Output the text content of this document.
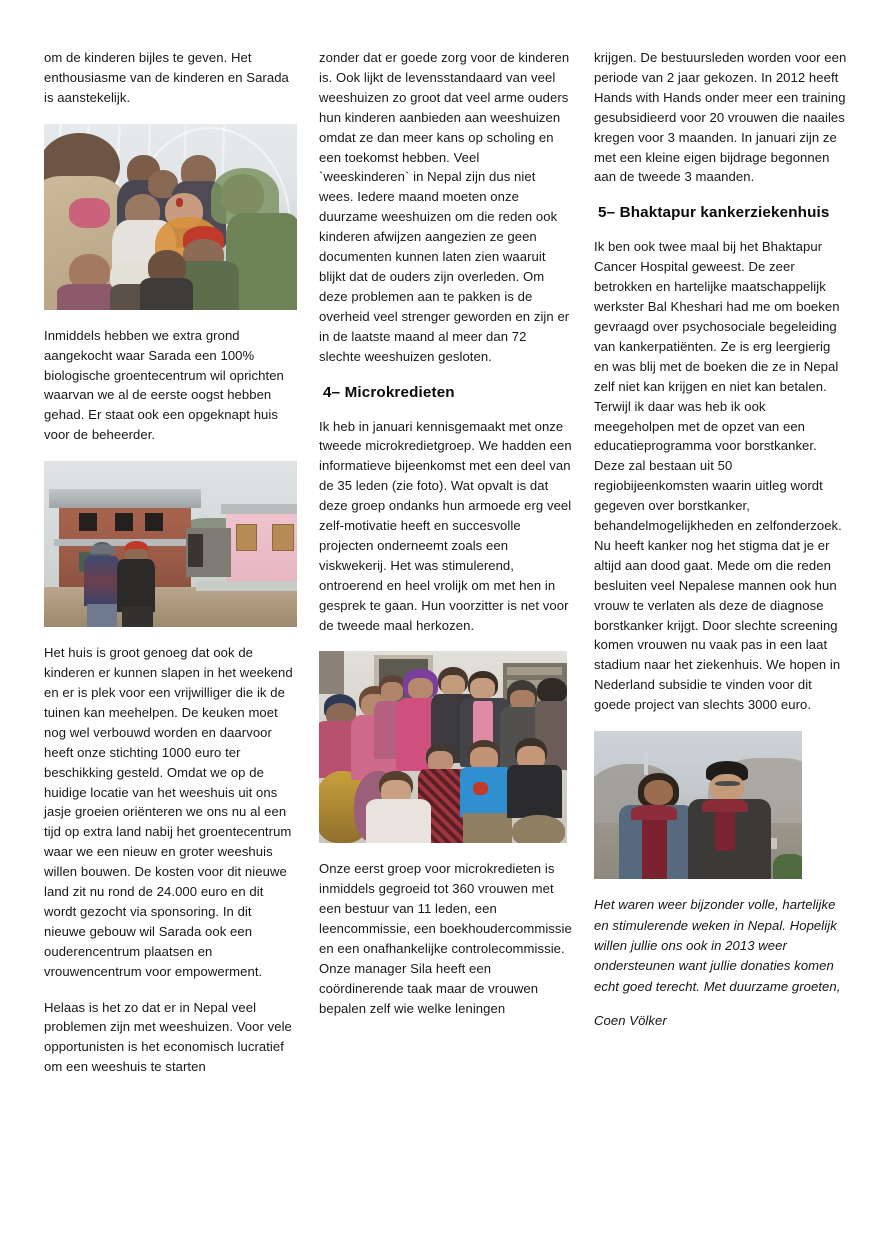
om de kinderen bijles te geven. Het enthousiasme van de kinderen en Sarada is aanstekelijk.

Inmiddels hebben we extra grond aangekocht waar Sarada een 100% biologische groentecentrum wil oprichten waarvan we al de eerste oogst hebben gehad. Er staat ook een opgeknapt huis voor de beheerder.

Het huis is groot genoeg dat ook de kinderen er kunnen slapen in het weekend en er is plek voor een vrijwilliger die ik de tuinen kan meehelpen. De keuken moet nog wel verbouwd worden en daarvoor heeft onze stichting 1000 euro ter beschikking gesteld. Omdat we op de huidige locatie van het weeshuis uit ons jasje groeien oriënteren we ons nu al een tijd op extra land nabij het groentecentrum waar we een nieuw en groter weeshuis willen bouwen. De kosten voor dit nieuwe land zit nu rond de 24.000 euro en dit wordt gezocht via sponsoring. In dit nieuwe gebouw wil Sarada ook een ouderencentrum plaatsen en vrouwencentrum voor empowerment.

Helaas is het zo dat er in Nepal veel problemen zijn met weeshuizen. Voor vele opportunisten is het economisch lucratief om een weeshuis te starten

zonder dat er goede zorg voor de kinderen is. Ook lijkt de levensstandaard van veel weeshuizen zo groot dat veel arme ouders hun kinderen aanbieden aan weeshuizen omdat ze dan meer kans op scholing en een toekomst hebben. Veel `weeskinderen` in Nepal zijn dus niet wees. Iedere maand moeten onze duurzame weeshuizen om die reden ook kinderen afwijzen aangezien ze geen documenten kunnen laten zien waaruit blijkt dat de ouders zijn overleden. Om deze problemen aan te pakken is de overheid veel strenger geworden en zijn er in de laatste maand al meer dan 72 slechte weeshuizen gesloten.

4– Microkredieten

Ik heb in januari kennisgemaakt met onze tweede microkredietgroep. We hadden een informatieve bijeenkomst met een deel van de 35 leden (zie foto). Wat opvalt is dat deze groep ondanks hun armoede erg veel zelf-motivatie heeft en succesvolle projecten onderneemt zoals een viskwekerij. Het was stimulerend, ontroerend en heel vrolijk om met hen in gesprek te gaan. Hun voorzitter is net voor de tweede maal herkozen.

Onze eerst groep voor microkredieten is inmiddels gegroeid tot 360 vrouwen met een bestuur van 11 leden, een leencommissie, een boekhoudercommissie en een onafhankelijke controlecommissie. Onze manager Sila heeft een coördinerende taak maar de vrouwen bepalen zelf wie welke leningen

krijgen. De bestuursleden worden voor een periode van 2 jaar gekozen. In 2012 heeft Hands with Hands onder meer een training gesubsidieerd voor 20 vrouwen die naailes kregen voor 3 maanden. In januari zijn ze met een kleine eigen bijdrage begonnen aan de tweede 3 maanden.

5– Bhaktapur kankerziekenhuis

Ik ben ook twee maal bij het Bhaktapur Cancer Hospital geweest. De zeer betrokken en hartelijke maatschappelijk werkster Bal Kheshari had me om boeken gevraagd over psychosociale begeleiding van kankerpatiënten. Ze is erg leergierig en was blij met de boeken die ze in Nepal zelf niet kan krijgen en niet kan betalen. Terwijl ik daar was heb ik ook meegeholpen met de opzet van een educatieprogramma voor borstkanker. Deze zal bestaan uit 50 regiobijeenkomsten waarin uitleg wordt gegeven over borstkanker, behandelmogelijkheden en zelfonderzoek. Nu heeft kanker nog het stigma dat je er altijd aan dood gaat. Mede om die reden besluiten veel Nepalese mannen ook hun vrouw te verlaten als deze de diagnose borstkanker krijgt. Door slechte screening komen vrouwen nu vaak pas in een laat stadium naar het ziekenhuis. We hopen in Nederland subsidie te vinden voor dit goede project van slechts 3000 euro.

Het waren weer bijzonder volle, hartelijke en stimulerende weken in Nepal. Hopelijk willen jullie ons ook in 2013 weer ondersteunen want jullie donaties komen echt goed terecht. Met duurzame groeten,

Coen Völker
